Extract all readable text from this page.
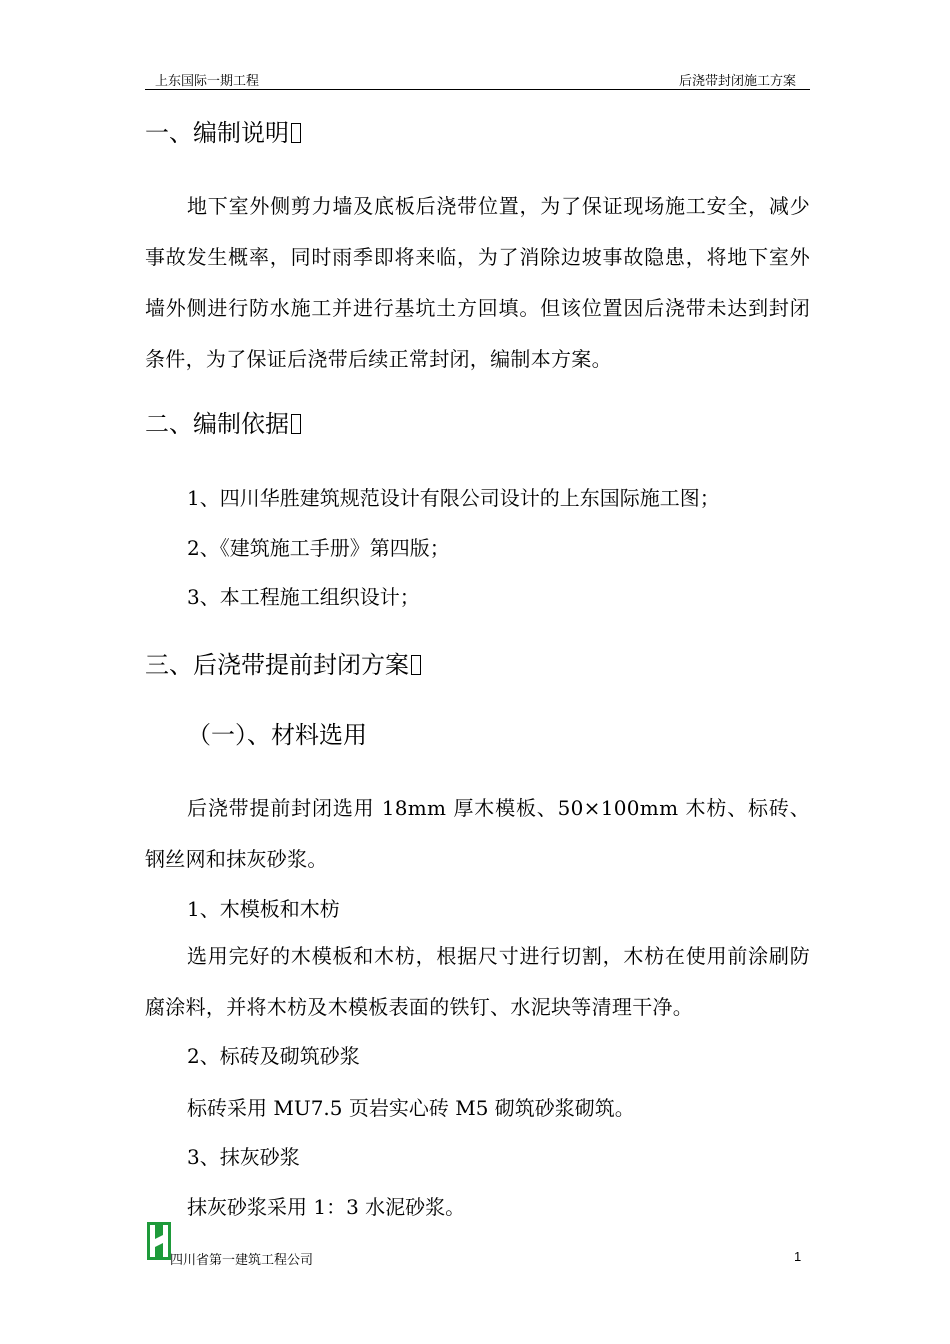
上东国际一期工程	后浇带封闭施工方案
一、编制说明
地下室外侧剪力墙及底板后浇带位置，为了保证现场施工安全，减少事故发生概率，同时雨季即将来临，为了消除边坡事故隐患，将地下室外墙外侧进行防水施工并进行基坑土方回填。但该位置因后浇带未达到封闭条件，为了保证后浇带后续正常封闭，编制本方案。
二、编制依据
1、四川华胜建筑规范设计有限公司设计的上东国际施工图；
2、《建筑施工手册》第四版；
3、本工程施工组织设计；
三、后浇带提前封闭方案
（一）、材料选用
后浇带提前封闭选用 18mm 厚木模板、50×100mm 木枋、标砖、钢丝网和抹灰砂浆。
1、木模板和木枋
选用完好的木模板和木枋，根据尺寸进行切割，木枋在使用前涂刷防腐涂料，并将木枋及木模板表面的铁钉、水泥块等清理干净。
2、标砖及砌筑砂浆
标砖采用 MU7.5 页岩实心砖 M5 砌筑砂浆砌筑。
3、抹灰砂浆
抹灰砂浆采用 1：3 水泥砂浆。
四川省第一建筑工程公司	1
